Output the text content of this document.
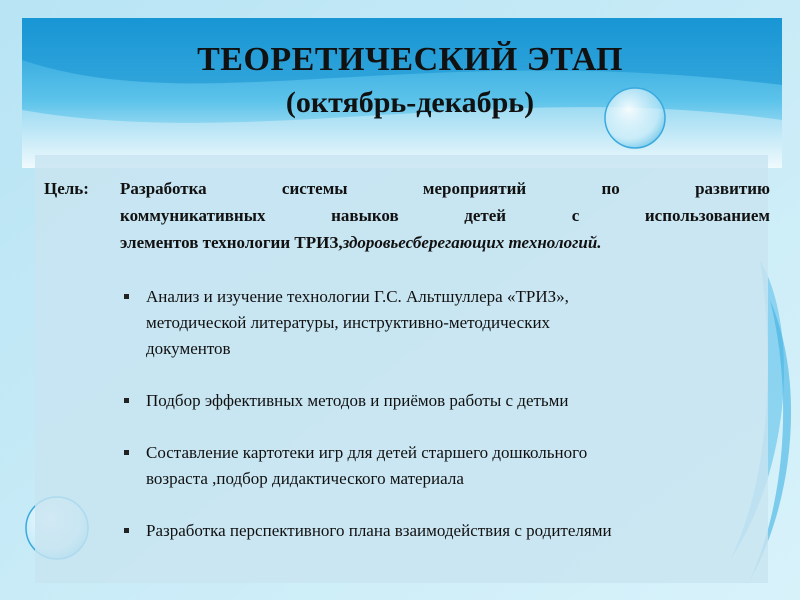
ТЕОРЕТИЧЕСКИЙ ЭТАП
(октябрь-декабрь)
Цель:	Разработка системы мероприятий по развитию
коммуникативных навыков детей с использованием
элементов технологии ТРИЗ,здоровьесберегающих технологий.
Анализ и изучение технологии Г.С. Альтшуллера «ТРИЗ»,
методической литературы, инструктивно-методических
документов
Подбор эффективных методов и приёмов работы с детьми
Составление картотеки игр для детей старшего дошкольного
возраста ,подбор дидактического материала
Разработка перспективного плана взаимодействия с родителями
